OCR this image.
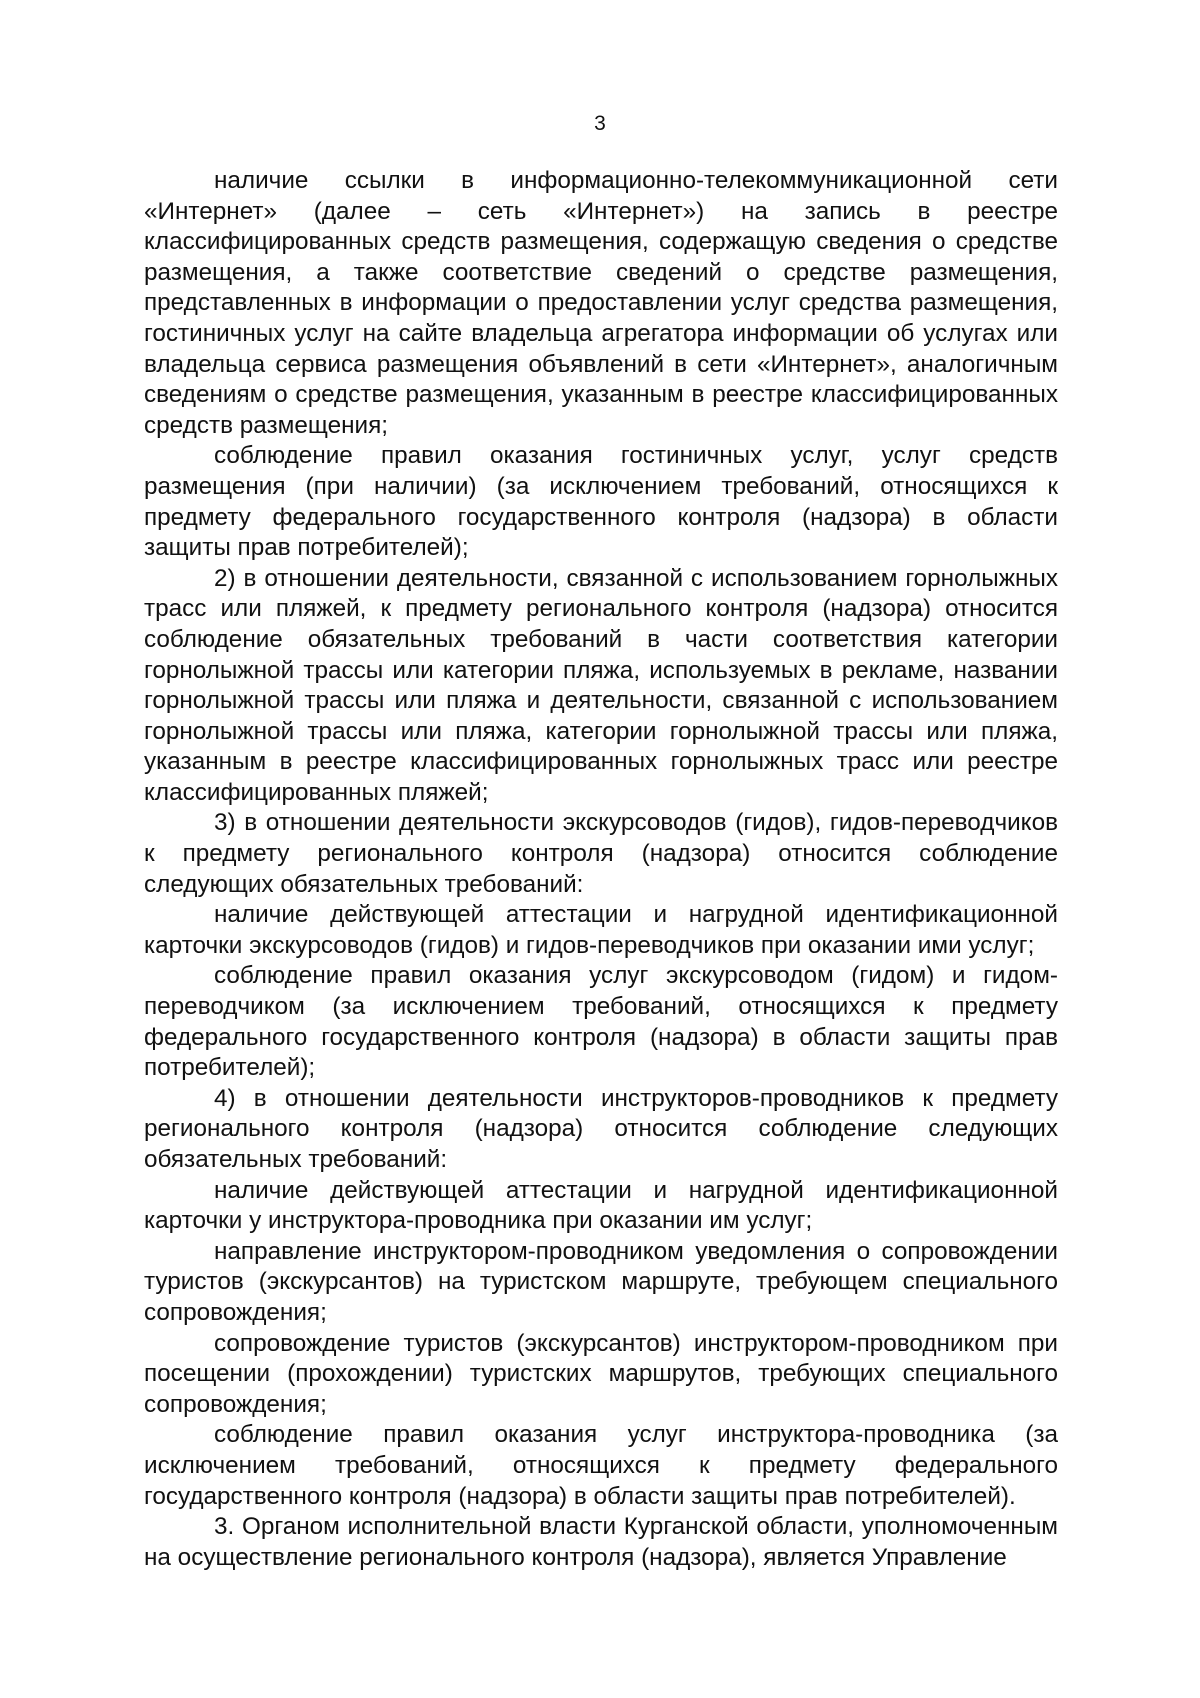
3

наличие ссылки в информационно-телекоммуникационной сети «Интернет» (далее – сеть «Интернет») на запись в реестре классифицированных средств размещения, содержащую сведения о средстве размещения, а также соответствие сведений о средстве размещения, представленных в информации о предоставлении услуг средства размещения, гостиничных услуг на сайте владельца агрегатора информации об услугах или владельца сервиса размещения объявлений в сети «Интернет», аналогичным сведениям о средстве размещения, указанным в реестре классифицированных средств размещения;

соблюдение правил оказания гостиничных услуг, услуг средств размещения (при наличии) (за исключением требований, относящихся к предмету федерального государственного контроля (надзора) в области защиты прав потребителей);

2) в отношении деятельности, связанной с использованием горнолыжных трасс или пляжей, к предмету регионального контроля (надзора) относится соблюдение обязательных требований в части соответствия категории горнолыжной трассы или категории пляжа, используемых в рекламе, названии горнолыжной трассы или пляжа и деятельности, связанной с использованием горнолыжной трассы или пляжа, категории горнолыжной трассы или пляжа, указанным в реестре классифицированных горнолыжных трасс или реестре классифицированных пляжей;

3) в отношении деятельности экскурсоводов (гидов), гидов-переводчиков к предмету регионального контроля (надзора) относится соблюдение следующих обязательных требований:

наличие действующей аттестации и нагрудной идентификационной карточки экскурсоводов (гидов) и гидов-переводчиков при оказании ими услуг;

соблюдение правил оказания услуг экскурсоводом (гидом) и гидом-переводчиком (за исключением требований, относящихся к предмету федерального государственного контроля (надзора) в области защиты прав потребителей);

4) в отношении деятельности инструкторов-проводников к предмету регионального контроля (надзора) относится соблюдение следующих обязательных требований:

наличие действующей аттестации и нагрудной идентификационной карточки у инструктора-проводника при оказании им услуг;

направление инструктором-проводником уведомления о сопровождении туристов (экскурсантов) на туристском маршруте, требующем специального сопровождения;

сопровождение туристов (экскурсантов) инструктором-проводником при посещении (прохождении) туристских маршрутов, требующих специального сопровождения;

соблюдение правил оказания услуг инструктора-проводника (за исключением требований, относящихся к предмету федерального государственного контроля (надзора) в области защиты прав потребителей).

3. Органом исполнительной власти Курганской области, уполномоченным на осуществление регионального контроля (надзора), является Управление
